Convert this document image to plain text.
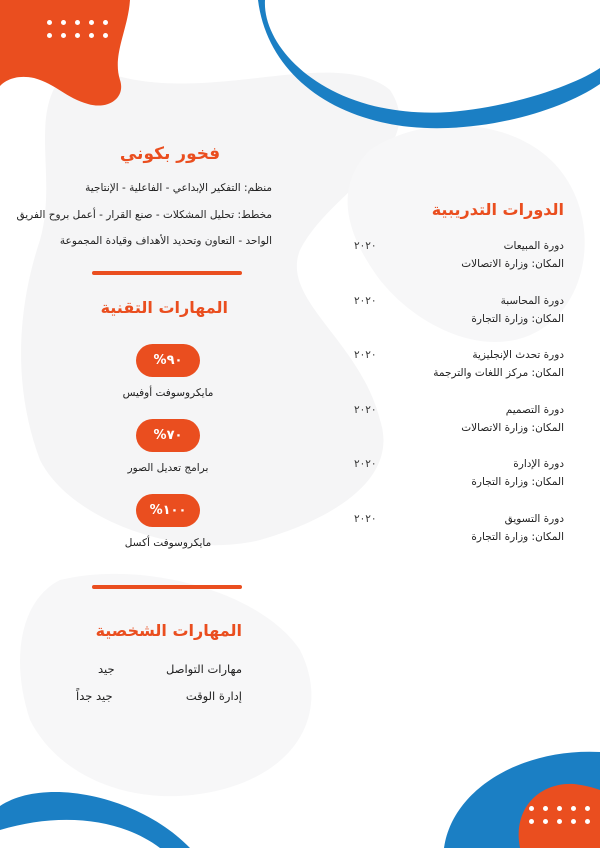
فخور بكوني
منظم: التفكير الإبداعي - الفاعلية - الإنتاجية
مخطط: تحليل المشكلات - صنع القرار - أعمل بروح الفريق
الواحد - التعاون وتحديد الأهداف وقيادة المجموعة
المهارات التقنية
٩٠%
مايكروسوفت أوفيس
٧٠%
برامج تعديل الصور
١٠٠%
مايكروسوفت أكسل
المهارات الشخصية
مهارات التواصل
جيد
إدارة الوقت
جيد جداً
الدورات التدريبية
دورة المبيعات
المكان: وزارة الاتصالات
٢٠٢٠
دورة المحاسبة
المكان: وزارة التجارة
٢٠٢٠
دورة تحدث الإنجليزية
المكان: مركز اللغات والترجمة
٢٠٢٠
دورة التصميم
المكان: وزارة الاتصالات
٢٠٢٠
دورة الإدارة
المكان: وزارة التجارة
٢٠٢٠
دورة التسويق
المكان: وزارة التجارة
٢٠٢٠
